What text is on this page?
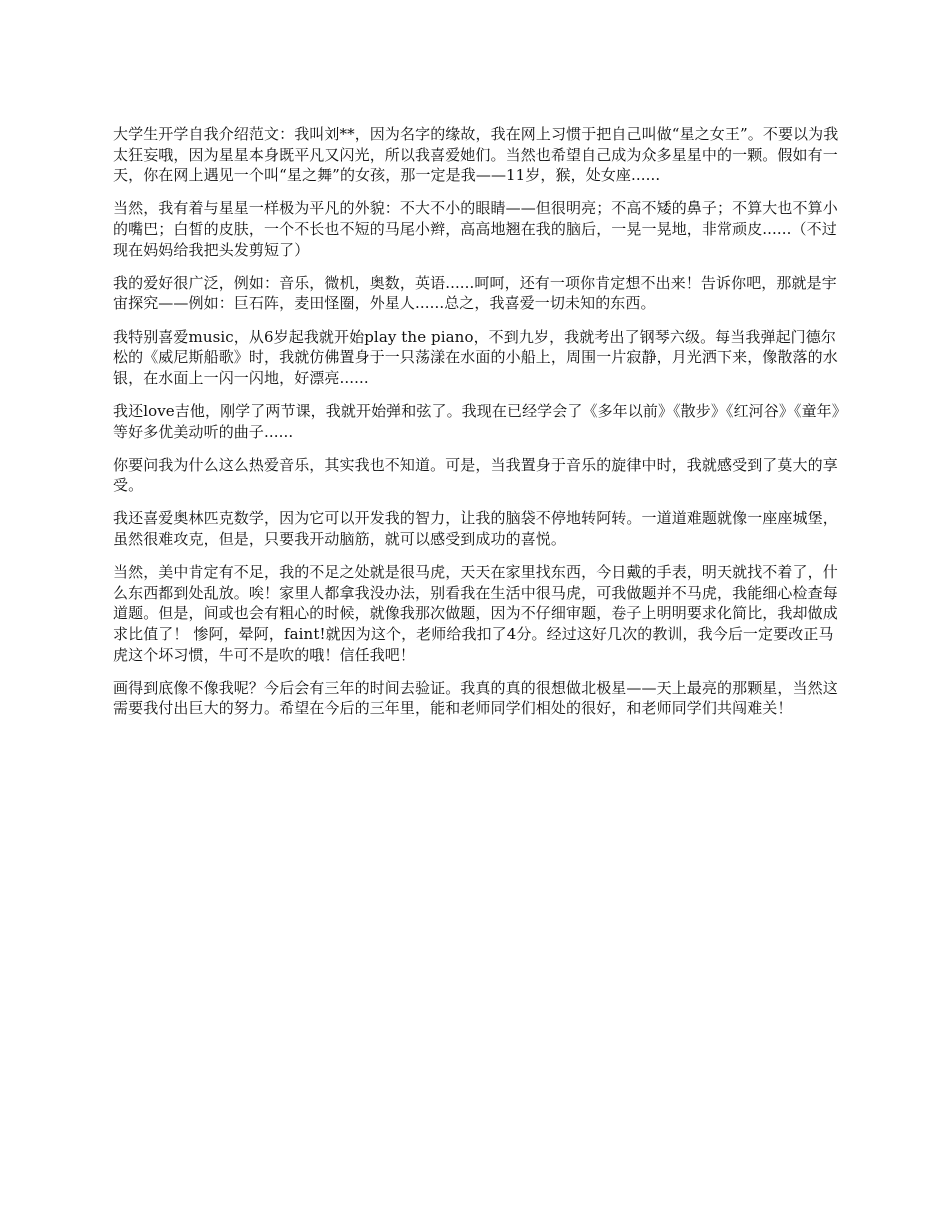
大学生开学自我介绍范文：我叫刘**，因为名字的缘故，我在网上习惯于把自己叫做“星之女王”。不要以为我太狂妄哦，因为星星本身既平凡又闪光，所以我喜爱她们。当然也希望自己成为众多星星中的一颗。假如有一天，你在网上遇见一个叫“星之舞”的女孩，那一定是我——11岁，猴，处女座......

当然，我有着与星星一样极为平凡的外貌：不大不小的眼睛——但很明亮；不高不矮的鼻子；不算大也不算小的嘴巴；白皙的皮肤，一个不长也不短的马尾小辫，高高地翘在我的脑后，一晃一晃地，非常顽皮......（不过现在妈妈给我把头发剪短了）

我的爱好很广泛，例如：音乐，微机，奥数，英语......呵呵，还有一项你肯定想不出来！告诉你吧，那就是宇宙探究——例如：巨石阵，麦田怪圈，外星人......总之，我喜爱一切未知的东西。

我特别喜爱music，从6岁起我就开始play the piano，不到九岁，我就考出了钢琴六级。每当我弹起门德尔松的《威尼斯船歌》时，我就仿佛置身于一只荡漾在水面的小船上，周围一片寂静，月光洒下来，像散落的水银，在水面上一闪一闪地，好漂亮......

我还love吉他，刚学了两节课，我就开始弹和弦了。我现在已经学会了《多年以前》《散步》《红河谷》《童年》等好多优美动听的曲子......

你要问我为什么这么热爱音乐，其实我也不知道。可是，当我置身于音乐的旋律中时，我就感受到了莫大的享受。

我还喜爱奥林匹克数学，因为它可以开发我的智力，让我的脑袋不停地转阿转。一道道难题就像一座座城堡，虽然很难攻克，但是，只要我开动脑筋，就可以感受到成功的喜悦。

当然，美中肯定有不足，我的不足之处就是很马虎，天天在家里找东西，今日戴的手表，明天就找不着了，什么东西都到处乱放。唉！家里人都拿我没办法，别看我在生活中很马虎，可我做题并不马虎，我能细心检查每道题。但是，间或也会有粗心的时候，就像我那次做题，因为不仔细审题，卷子上明明要求化简比，我却做成求比值了！ 惨阿，晕阿，faint!就因为这个，老师给我扣了4分。经过这好几次的教训，我今后一定要改正马虎这个坏习惯，牛可不是吹的哦！信任我吧！

画得到底像不像我呢？今后会有三年的时间去验证。我真的真的很想做北极星——天上最亮的那颗星，当然这需要我付出巨大的努力。希望在今后的三年里，能和老师同学们相处的很好，和老师同学们共闯难关！
